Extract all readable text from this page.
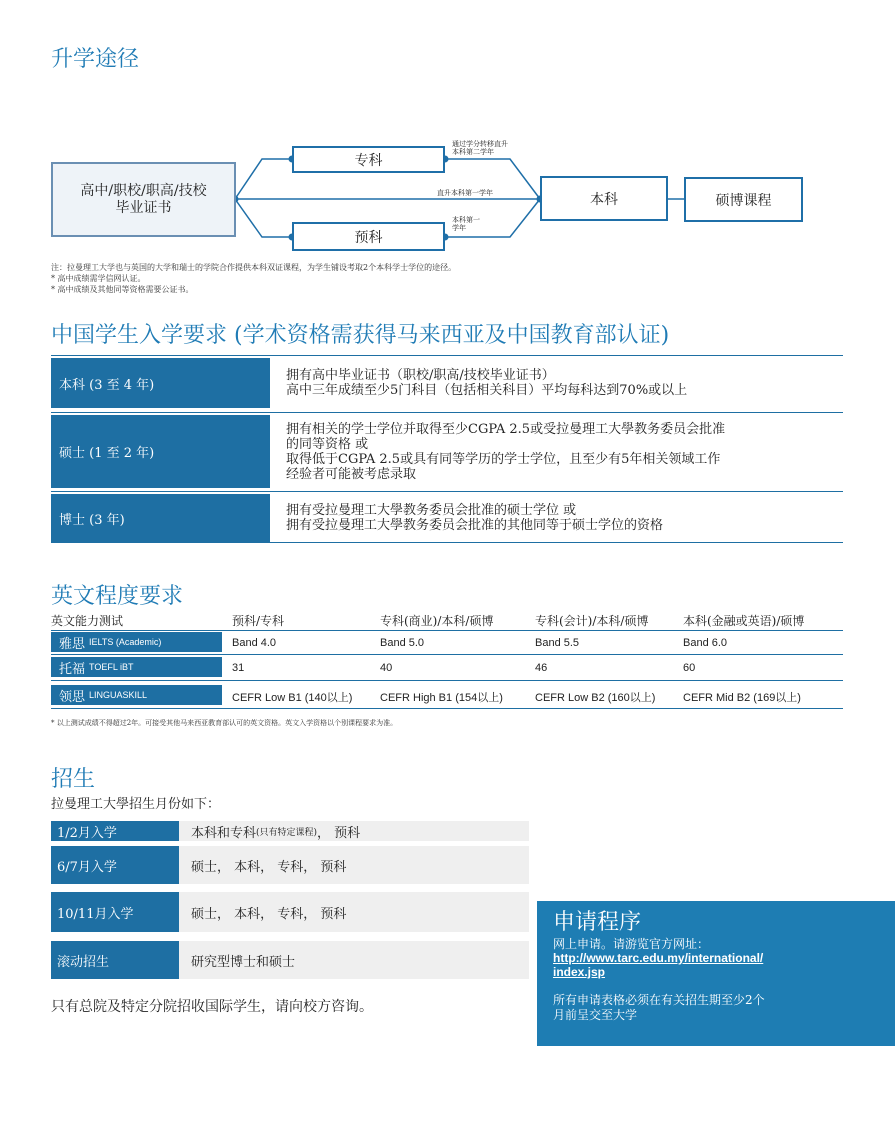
升学途径
高中/职校/职高/技校
毕业证书
专科
预科
本科	硕博课程
通过学分转移直升
本科第二学年
直升本科第一学年
本科第一
学年
注：拉曼理工大学也与英国的大学和瑞士的学院合作提供本科双证课程，为学生铺设考取2个本科学士学位的途径。
* 高中成绩需学信网认证。
* 高中成绩及其他同等资格需要公证书。
中国学生入学要求 (学术资格需获得马来西亚及中国教育部认证)
本科 (3 至 4 年)
拥有高中毕业证书（职校/职高/技校毕业证书）
高中三年成绩至少5门科目（包括相关科目）平均每科达到70%或以上
硕士 (1 至 2 年)
拥有相关的学士学位并取得至少CGPA 2.5或受拉曼理工大學教务委员会批准
的同等资格 或
取得低于CGPA 2.5或具有同等学历的学士学位，且至少有5年相关领域工作
经验者可能被考虑录取
博士 (3 年)
拥有受拉曼理工大學教务委员会批准的硕士学位 或
拥有受拉曼理工大學教务委员会批准的其他同等于硕士学位的资格
英文程度要求
英文能力测试	预科/专科	专科(商业)/本科/硕博	专科(会计)/本科/硕博	本科(金融或英语)/硕博
雅思 IELTS (Academic)	Band 4.0	Band 5.0	Band 5.5	Band 6.0
托福 TOEFL iBT	31	40	46	60
领思 LINGUASKILL	CEFR Low B1 (140以上)	CEFR High B1 (154以上)	CEFR Low B2 (160以上)	CEFR Mid B2 (169以上)
* 以上测试成绩不得超过2年。可接受其他马来西亚教育部认可的英文资格。英文入学资格以个别课程要求为准。
招生
拉曼理工大學招生月份如下：
1/2月入学	本科和专科 (只有特定课程) ， 预科
6/7月入学	硕士， 本科， 专科， 预科
10/11月入学	硕士， 本科， 专科， 预科
滚动招生	研究型博士和硕士
只有总院及特定分院招收国际学生，请向校方咨询。
申请程序
网上申请。请游览官方网址：
http://www.tarc.edu.my/international/
index.jsp
所有申请表格必须在有关招生期至少2个
月前呈交至大学
